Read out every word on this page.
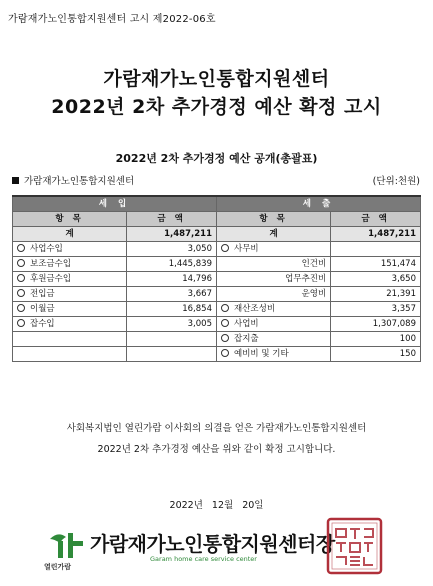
가람재가노인통합지원센터 고시 제2022-06호
가람재가노인통합지원센터
2022년 2차 추가경정 예산 확정 고시
2022년 2차 추가경정 예산 공개(총괄표)
가람재가노인통합지원센터	(단위:천원)
세 입		세 출	
항 목	금 액	항 목	금 액
계	1,487,211	계	1,487,211
사업수입	3,050	사무비	
보조금수입	1,445,839	인건비	151,474
후원금수입	14,796	업무추진비	3,650
전입금	3,667	운영비	21,391
이월금	16,854	재산조성비	3,357
잡수입	3,005	사업비	1,307,089
		잡지출	100
		예비비 및 기타	150
사회복지법인 열린가람 이사회의 의결을 얻은 가람재가노인통합지원센터
2022년 2차 추가경정 예산을 위와 같이 확정 고시합니다.
2022년 12월 20일
열린가람
가람재가노인통합지원센터장
Garam home care service center
